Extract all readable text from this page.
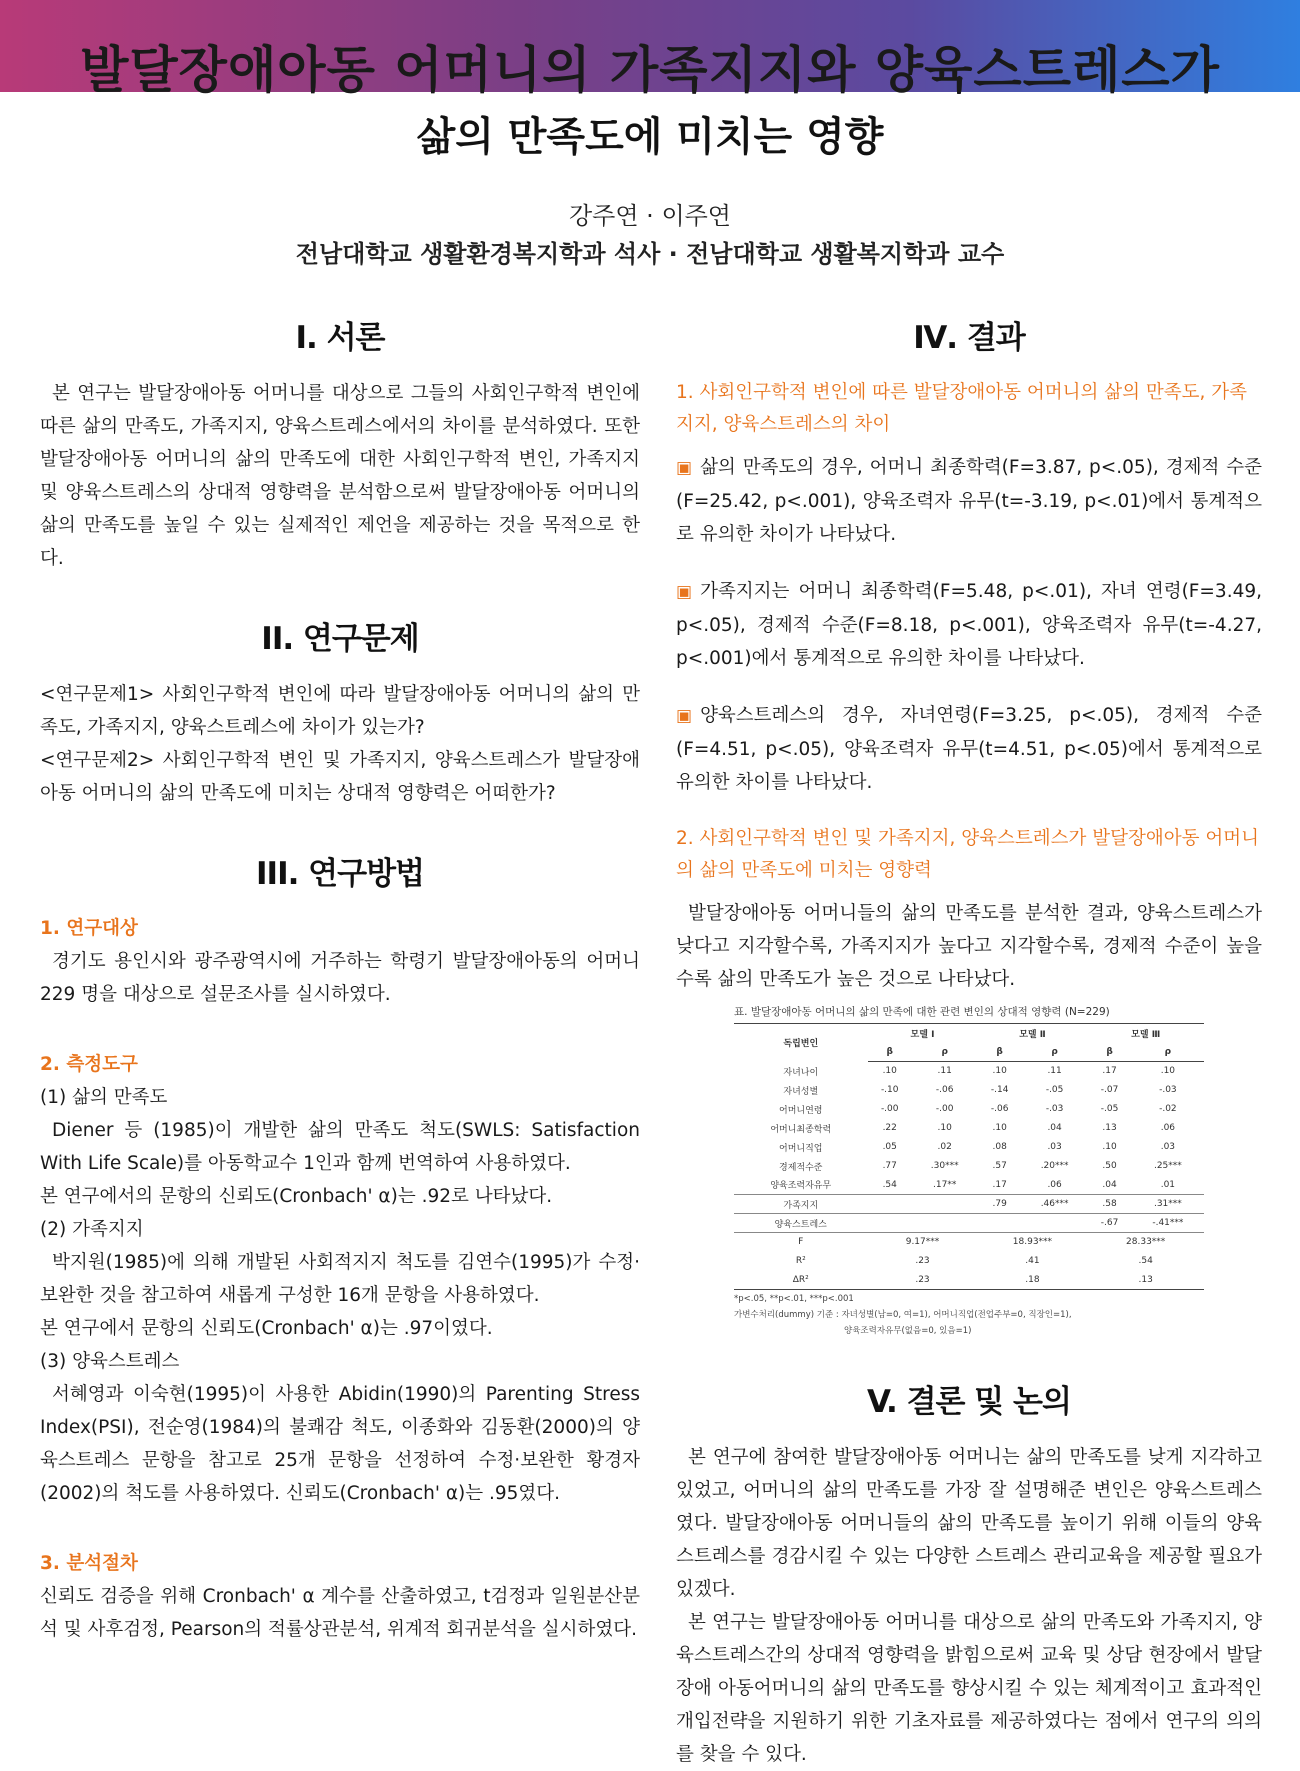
발달장애아동 어머니의 가족지지와 양육스트레스가
삶의 만족도에 미치는 영향
강주연 · 이주연
전남대학교 생활환경복지학과 석사 · 전남대학교 생활복지학과 교수
I. 서론
본 연구는 발달장애아동 어머니를 대상으로 그들의 사회인구학적 변인에 따른 삶의 만족도, 가족지지, 양육스트레스에서의 차이를 분석하였다. 또한 발달장애아동 어머니의 삶의 만족도에 대한 사회인구학적 변인, 가족지지 및 양육스트레스의 상대적 영향력을 분석함으로써 발달장애아동 어머니의 삶의 만족도를 높일 수 있는 실제적인 제언을 제공하는 것을 목적으로 한다.
II. 연구문제
<연구문제1> 사회인구학적 변인에 따라 발달장애아동 어머니의 삶의 만족도, 가족지지, 양육스트레스에 차이가 있는가?
<연구문제2> 사회인구학적 변인 및 가족지지, 양육스트레스가 발달장애아동 어머니의 삶의 만족도에 미치는 상대적 영향력은 어떠한가?
III. 연구방법
1. 연구대상
경기도 용인시와 광주광역시에 거주하는 학령기 발달장애아동의 어머니 229 명을 대상으로 설문조사를 실시하였다.
2. 측정도구
(1) 삶의 만족도
Diener 등 (1985)이 개발한 삶의 만족도 척도(SWLS: Satisfaction With Life Scale)를 아동학교수 1인과 함께 번역하여 사용하였다.
본 연구에서의 문항의 신뢰도(Cronbach' α)는 .92로 나타났다.
(2) 가족지지
박지원(1985)에 의해 개발된 사회적지지 척도를 김연수(1995)가 수정·보완한 것을 참고하여 새롭게 구성한 16개 문항을 사용하였다.
본 연구에서 문항의 신뢰도(Cronbach' α)는 .97이였다.
(3) 양육스트레스
서혜영과 이숙현(1995)이 사용한 Abidin(1990)의 Parenting Stress Index(PSI), 전순영(1984)의 불쾌감 척도, 이종화와 김동환(2000)의 양육스트레스 문항을 참고로 25개 문항을 선정하여 수정·보완한 황경자(2002)의 척도를 사용하였다. 신뢰도(Cronbach' α)는 .95였다.
3. 분석절차
신뢰도 검증을 위해 Cronbach' α 계수를 산출하였고, t검정과 일원분산분석 및 사후검정, Pearson의 적률상관분석, 위계적 회귀분석을 실시하였다.
Ⅳ. 결과
1. 사회인구학적 변인에 따른 발달장애아동 어머니의 삶의 만족도, 가족지지, 양육스트레스의 차이
▣ 삶의 만족도의 경우, 어머니 최종학력(F=3.87, p<.05), 경제적 수준(F=25.42, p<.001), 양육조력자 유무(t=-3.19, p<.01)에서 통계적으로 유의한 차이가 나타났다.
▣ 가족지지는 어머니 최종학력(F=5.48, p<.01), 자녀 연령(F=3.49, p<.05), 경제적 수준(F=8.18, p<.001), 양육조력자 유무(t=-4.27, p<.001)에서 통계적으로 유의한 차이를 나타났다.
▣ 양육스트레스의 경우, 자녀연령(F=3.25, p<.05), 경제적 수준(F=4.51, p<.05), 양육조력자 유무(t=4.51, p<.05)에서 통계적으로 유의한 차이를 나타났다.
2. 사회인구학적 변인 및 가족지지, 양육스트레스가 발달장애아동 어머니의 삶의 만족도에 미치는 영향력
발달장애아동 어머니들의 삶의 만족도를 분석한 결과, 양육스트레스가 낮다고 지각할수록, 가족지지가 높다고 지각할수록, 경제적 수준이 높을수록 삶의 만족도가 높은 것으로 나타났다.
표. 발달장애아동 어머니의 삶의 만족에 대한 관련 변인의 상대적 영향력 (N=229)
독립변인	모델 Ⅰ		모델 Ⅱ		모델 Ⅲ	
	β	ρ	β	ρ	β	ρ
자녀나이	.10	.11	.10	.11	.17	.10
자녀성별	-.10	-.06	-.14	-.05	-.07	-.03
어머니연령	-.00	-.00	-.06	-.03	-.05	-.02
어머니최종학력	.22	.10	.10	.04	.13	.06
어머니직업	.05	.02	.08	.03	.10	.03
경제적수준	.77	.30***	.57	.20***	.50	.25***
양육조력자유무	.54	.17**	.17	.06	.04	.01
가족지지			.79	.46***	.58	.31***
양육스트레스					-.67	-.41***
F	9.17***		18.93***		28.33***	
R²	.23		.41		.54	
ΔR²	.23		.18		.13	
*p<.05, **p<.01, ***p<.001
가변수처리(dummy) 기준 : 자녀성별(남=0, 여=1), 어머니직업(전업주부=0, 직장인=1),
양육조력자유무(없음=0, 있음=1)
V. 결론 및 논의
본 연구에 참여한 발달장애아동 어머니는 삶의 만족도를 낮게 지각하고 있었고, 어머니의 삶의 만족도를 가장 잘 설명해준 변인은 양육스트레스였다. 발달장애아동 어머니들의 삶의 만족도를 높이기 위해 이들의 양육스트레스를 경감시킬 수 있는 다양한 스트레스 관리교육을 제공할 필요가 있겠다.
본 연구는 발달장애아동 어머니를 대상으로 삶의 만족도와 가족지지, 양육스트레스간의 상대적 영향력을 밝힘으로써 교육 및 상담 현장에서 발달장애 아동어머니의 삶의 만족도를 향상시킬 수 있는 체계적이고 효과적인 개입전략을 지원하기 위한 기초자료를 제공하였다는 점에서 연구의 의의를 찾을 수 있다.
